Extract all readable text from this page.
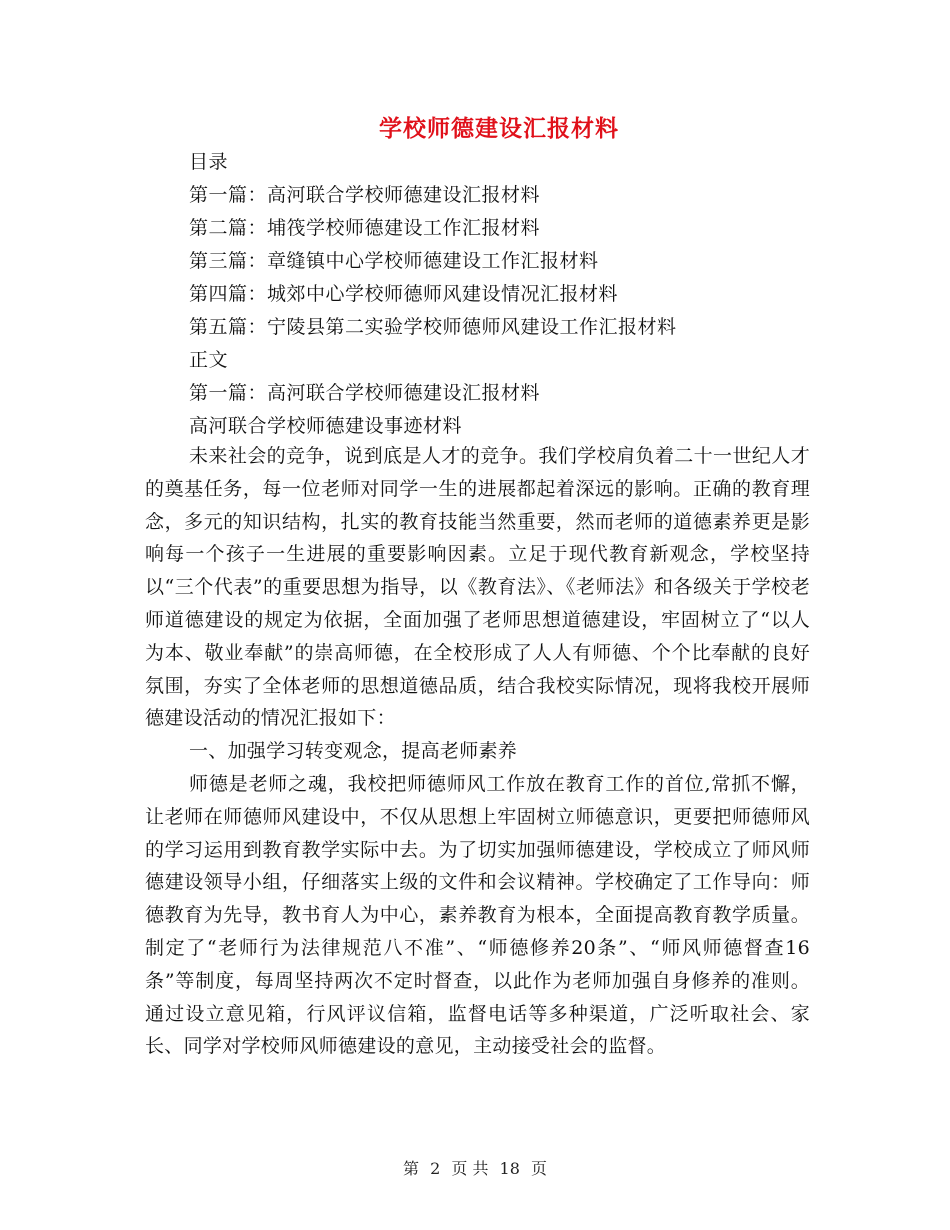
学校师德建设汇报材料
目录
第一篇：高河联合学校师德建设汇报材料
第二篇：埔筏学校师德建设工作汇报材料
第三篇：章缝镇中心学校师德建设工作汇报材料
第四篇：城郊中心学校师德师风建设情况汇报材料
第五篇：宁陵县第二实验学校师德师风建设工作汇报材料
正文
第一篇：高河联合学校师德建设汇报材料
高河联合学校师德建设事迹材料

未来社会的竞争，说到底是人才的竞争。我们学校肩负着二十一世纪人才的奠基任务，每一位老师对同学一生的进展都起着深远的影响。正确的教育理念，多元的知识结构，扎实的教育技能当然重要，然而老师的道德素养更是影响每一个孩子一生进展的重要影响因素。立足于现代教育新观念，学校坚持以“三个代表”的重要思想为指导，以《教育法》、《老师法》和各级关于学校老师道德建设的规定为依据，全面加强了老师思想道德建设，牢固树立了“以人为本、敬业奉献”的崇高师德，在全校形成了人人有师德、个个比奉献的良好氛围，夯实了全体老师的思想道德品质，结合我校实际情况，现将我校开展师德建设活动的情况汇报如下：

一、加强学习转变观念，提高老师素养

师德是老师之魂，我校把师德师风工作放在教育工作的首位,常抓不懈，让老师在师德师风建设中，不仅从思想上牢固树立师德意识，更要把师德师风的学习运用到教育教学实际中去。为了切实加强师德建设，学校成立了师风师德建设领导小组，仔细落实上级的文件和会议精神。学校确定了工作导向：师德教育为先导，教书育人为中心，素养教育为根本，全面提高教育教学质量。制定了“老师行为法律规范八不准”、“师德修养20条”、“师风师德督查16条”等制度，每周坚持两次不定时督查，以此作为老师加强自身修养的准则。通过设立意见箱，行风评议信箱，监督电话等多种渠道，广泛听取社会、家长、同学对学校师风师德建设的意见，主动接受社会的监督。

第 2 页 共 18 页
